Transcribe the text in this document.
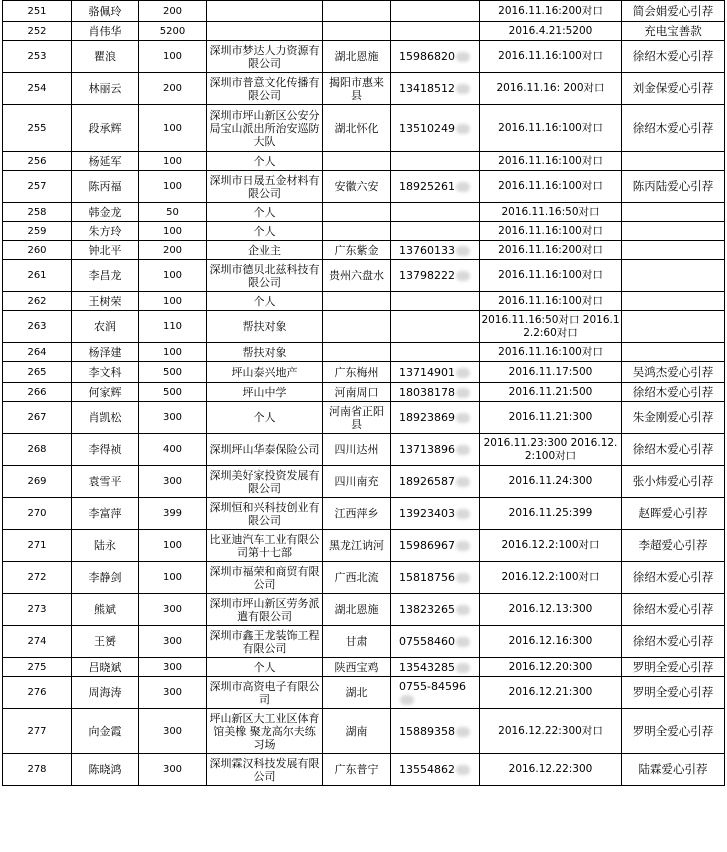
251	骆佩玲	200				2016.11.16:200对口	简会娟爱心引荐
252	肖伟华	5200				2016.4.21:5200	充电宝善款
253	瞿浪	100	深圳市梦达人力资源有限公司	湖北恩施	15986820	2016.11.16:100对口	徐绍木爱心引荐
254	林丽云	200	深圳市普意文化传播有限公司	揭阳市惠来县	13418512	2016.11.16: 200对口	刘金保爱心引荐
255	段承辉	100	深圳市坪山新区公安分局宝山派出所治安巡防大队	湖北怀化	13510249	2016.11.16:100对口	徐绍木爱心引荐
256	杨延军	100	个人			2016.11.16:100对口	
257	陈丙福	100	深圳市日晟五金材料有限公司	安徽六安	18925261	2016.11.16:100对口	陈丙陆爱心引荐
258	韩金龙	50	个人			2016.11.16:50对口	
259	朱方玲	100	个人			2016.11.16:100对口	
260	钟北平	200	企业主	广东紫金	13760133	2016.11.16:200对口	
261	李昌龙	100	深圳市德贝北兹科技有限公司	贵州六盘水	13798222	2016.11.16:100对口	
262	王树荣	100	个人			2016.11.16:100对口	
263	农润	110	帮扶对象			2016.11.16:50对口 2016.12.2:60对口	
264	杨泽建	100	帮扶对象			2016.11.16:100对口	
265	李文科	500	坪山泰兴地产	广东梅州	13714901	2016.11.17:500	吴鸿杰爱心引荐
266	何家辉	500	坪山中学	河南周口	18038178	2016.11.21:500	徐绍木爱心引荐
267	肖凯松	300	个人	河南省正阳县	18923869	2016.11.21:300	朱金刚爱心引荐
268	李得祯	400	深圳坪山华泰保险公司	四川达州	13713896	2016.11.23:300 2016.12.2:100对口	徐绍木爱心引荐
269	袁雪平	300	深圳美好家投资发展有限公司	四川南充	18926587	2016.11.24:300	张小炜爱心引荐
270	李富萍	399	深圳恒和兴科技创业有限公司	江西萍乡	13923403	2016.11.25:399	赵晖爱心引荐
271	陆永	100	比亚迪汽车工业有限公司第十七部	黑龙江讷河	15986967	2016.12.2:100对口	李超爱心引荐
272	李静剑	100	深圳市福荣和商贸有限公司	广西北流	15818756	2016.12.2:100对口	徐绍木爱心引荐
273	熊斌	300	深圳市坪山新区劳务派遣有限公司	湖北恩施	13823265	2016.12.13:300	徐绍木爱心引荐
274	王赟	300	深圳市鑫王龙装饰工程有限公司	甘肃	07558460	2016.12.16:300	徐绍木爱心引荐
275	吕晓斌	300	个人	陕西宝鸡	13543285	2016.12.20:300	罗明全爱心引荐
276	周海涛	300	深圳市高资电子有限公司	湖北	0755-84596	2016.12.21:300	罗明全爱心引荐
277	向金霞	300	坪山新区大工业区体育馆美橡 聚龙高尔夫练习场	湖南	15889358	2016.12.22:300对口	罗明全爱心引荐
278	陈晓鸿	300	深圳霖汉科技发展有限公司	广东普宁	13554862	2016.12.22:300	陆霖爱心引荐
